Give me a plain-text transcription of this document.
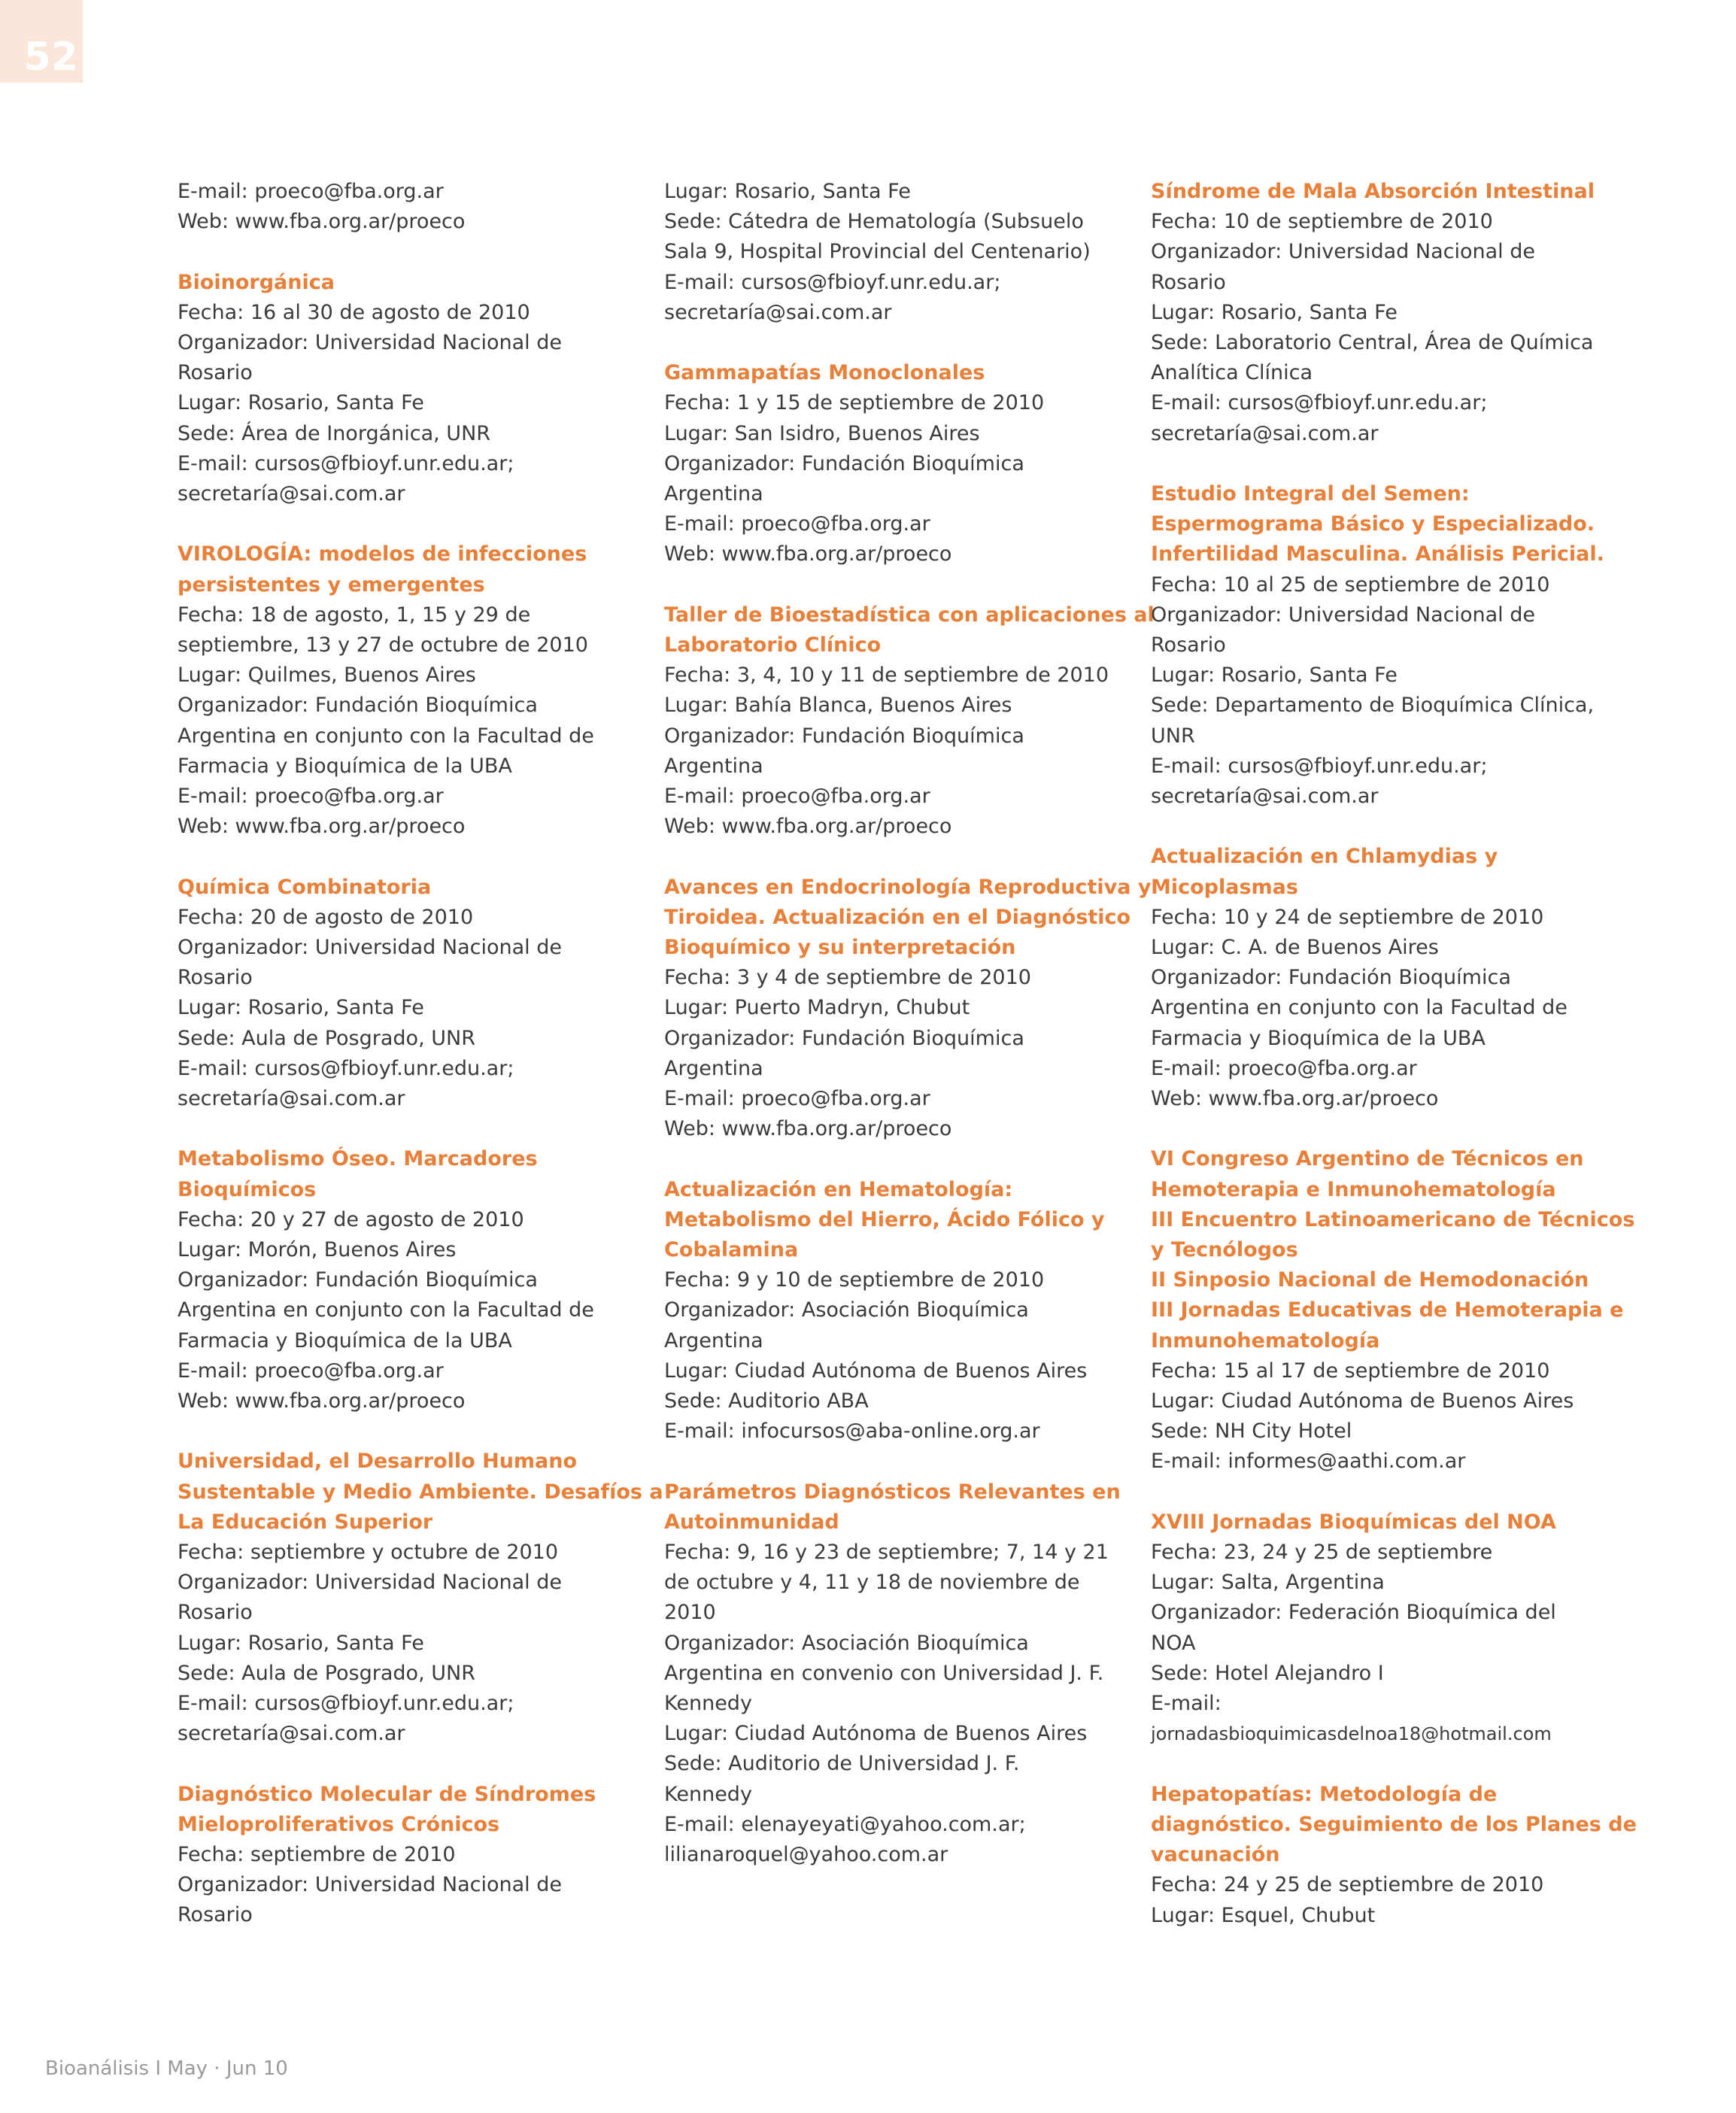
52
E-mail: proeco@fba.org.ar
Web: www.fba.org.ar/proeco
Bioinorgánica
Fecha: 16 al 30 de agosto de 2010
Organizador: Universidad Nacional de
Rosario
Lugar: Rosario, Santa Fe
Sede: Área de Inorgánica, UNR
E-mail: cursos@fbioyf.unr.edu.ar;
secretaría@sai.com.ar
VIROLOGÍA: modelos de infecciones
persistentes y emergentes
Fecha: 18 de agosto, 1, 15 y 29 de
septiembre, 13 y 27 de octubre de 2010
Lugar: Quilmes, Buenos Aires
Organizador: Fundación Bioquímica
Argentina en conjunto con la Facultad de
Farmacia y Bioquímica de la UBA
E-mail: proeco@fba.org.ar
Web: www.fba.org.ar/proeco
Química Combinatoria
Fecha: 20 de agosto de 2010
Organizador: Universidad Nacional de
Rosario
Lugar: Rosario, Santa Fe
Sede: Aula de Posgrado, UNR
E-mail: cursos@fbioyf.unr.edu.ar;
secretaría@sai.com.ar
Metabolismo Óseo. Marcadores
Bioquímicos
Fecha: 20 y 27 de agosto de 2010
Lugar: Morón, Buenos Aires
Organizador: Fundación Bioquímica
Argentina en conjunto con la Facultad de
Farmacia y Bioquímica de la UBA
E-mail: proeco@fba.org.ar
Web: www.fba.org.ar/proeco
Universidad, el Desarrollo Humano
Sustentable y Medio Ambiente. Desafíos a
La Educación Superior
Fecha: septiembre y octubre de 2010
Organizador: Universidad Nacional de
Rosario
Lugar: Rosario, Santa Fe
Sede: Aula de Posgrado, UNR
E-mail: cursos@fbioyf.unr.edu.ar;
secretaría@sai.com.ar
Diagnóstico Molecular de Síndromes
Mieloproliferativos Crónicos
Fecha: septiembre de 2010
Organizador: Universidad Nacional de
Rosario
Lugar: Rosario, Santa Fe
Sede: Cátedra de Hematología (Subsuelo
Sala 9, Hospital Provincial del Centenario)
E-mail: cursos@fbioyf.unr.edu.ar;
secretaría@sai.com.ar
Gammapatías Monoclonales
Fecha: 1 y 15 de septiembre de 2010
Lugar: San Isidro, Buenos Aires
Organizador: Fundación Bioquímica
Argentina
E-mail: proeco@fba.org.ar
Web: www.fba.org.ar/proeco
Taller de Bioestadística con aplicaciones al
Laboratorio Clínico
Fecha: 3, 4, 10 y 11 de septiembre de 2010
Lugar: Bahía Blanca, Buenos Aires
Organizador: Fundación Bioquímica
Argentina
E-mail: proeco@fba.org.ar
Web: www.fba.org.ar/proeco
Avances en Endocrinología Reproductiva y
Tiroidea. Actualización en el Diagnóstico
Bioquímico y su interpretación
Fecha: 3 y 4 de septiembre de 2010
Lugar: Puerto Madryn, Chubut
Organizador: Fundación Bioquímica
Argentina
E-mail: proeco@fba.org.ar
Web: www.fba.org.ar/proeco
Actualización en Hematología:
Metabolismo del Hierro, Ácido Fólico y
Cobalamina
Fecha: 9 y 10 de septiembre de 2010
Organizador: Asociación Bioquímica
Argentina
Lugar: Ciudad Autónoma de Buenos Aires
Sede: Auditorio ABA
E-mail: infocursos@aba-online.org.ar
Parámetros Diagnósticos Relevantes en
Autoinmunidad
Fecha: 9, 16 y 23 de septiembre; 7, 14 y 21
de octubre y 4, 11 y 18 de noviembre de
2010
Organizador: Asociación Bioquímica
Argentina en convenio con Universidad J. F.
Kennedy
Lugar: Ciudad Autónoma de Buenos Aires
Sede: Auditorio de Universidad J. F.
Kennedy
E-mail: elenayeyati@yahoo.com.ar;
lilianaroquel@yahoo.com.ar
Síndrome de Mala Absorción Intestinal
Fecha: 10 de septiembre de 2010
Organizador: Universidad Nacional de
Rosario
Lugar: Rosario, Santa Fe
Sede: Laboratorio Central, Área de Química
Analítica Clínica
E-mail: cursos@fbioyf.unr.edu.ar;
secretaría@sai.com.ar
Estudio Integral del Semen:
Espermograma Básico y Especializado.
Infertilidad Masculina. Análisis Pericial.
Fecha: 10 al 25 de septiembre de 2010
Organizador: Universidad Nacional de
Rosario
Lugar: Rosario, Santa Fe
Sede: Departamento de Bioquímica Clínica,
UNR
E-mail: cursos@fbioyf.unr.edu.ar;
secretaría@sai.com.ar
Actualización en Chlamydias y
Micoplasmas
Fecha: 10 y 24 de septiembre de 2010
Lugar: C. A. de Buenos Aires
Organizador: Fundación Bioquímica
Argentina en conjunto con la Facultad de
Farmacia y Bioquímica de la UBA
E-mail: proeco@fba.org.ar
Web: www.fba.org.ar/proeco
VI Congreso Argentino de Técnicos en
Hemoterapia e Inmunohematología
III Encuentro Latinoamericano de Técnicos
y Tecnólogos
II Sinposio Nacional de Hemodonación
III Jornadas Educativas de Hemoterapia e
Inmunohematología
Fecha: 15 al 17 de septiembre de 2010
Lugar: Ciudad Autónoma de Buenos Aires
Sede: NH City Hotel
E-mail: informes@aathi.com.ar
XVIII Jornadas Bioquímicas del NOA
Fecha: 23, 24 y 25 de septiembre
Lugar: Salta, Argentina
Organizador: Federación Bioquímica del
NOA
Sede: Hotel Alejandro I
E-mail:
jornadasbioquimicasdelnoa18@hotmail.com
Hepatopatías: Metodología de
diagnóstico. Seguimiento de los Planes de
vacunación
Fecha: 24 y 25 de septiembre de 2010
Lugar: Esquel, Chubut
Bioanálisis I May · Jun 10
